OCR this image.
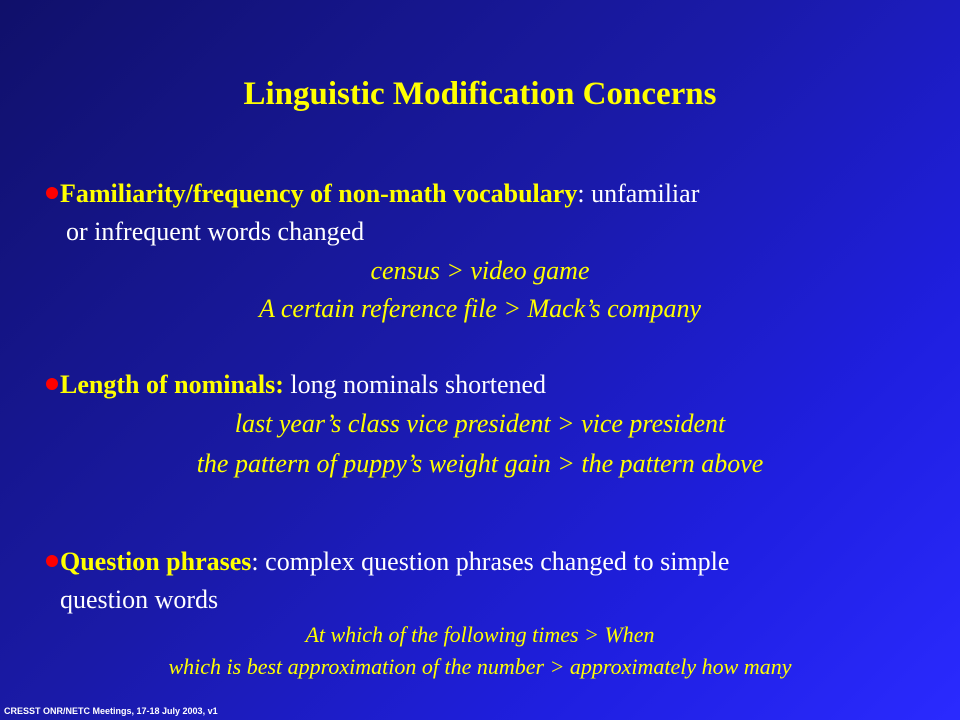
Linguistic Modification Concerns
Familiarity/frequency of non-math vocabulary: unfamiliar
or infrequent words changed
census > video game
A certain reference file > Mack’s company
Length of nominals: long nominals shortened
last year’s class vice president > vice president
the pattern of puppy’s weight gain > the pattern above
Question phrases: complex question phrases changed to simple
question words
At which of the following times > When
which is best approximation of the number > approximately how many
CRESST ONR/NETC Meetings, 17-18 July 2003, v1
